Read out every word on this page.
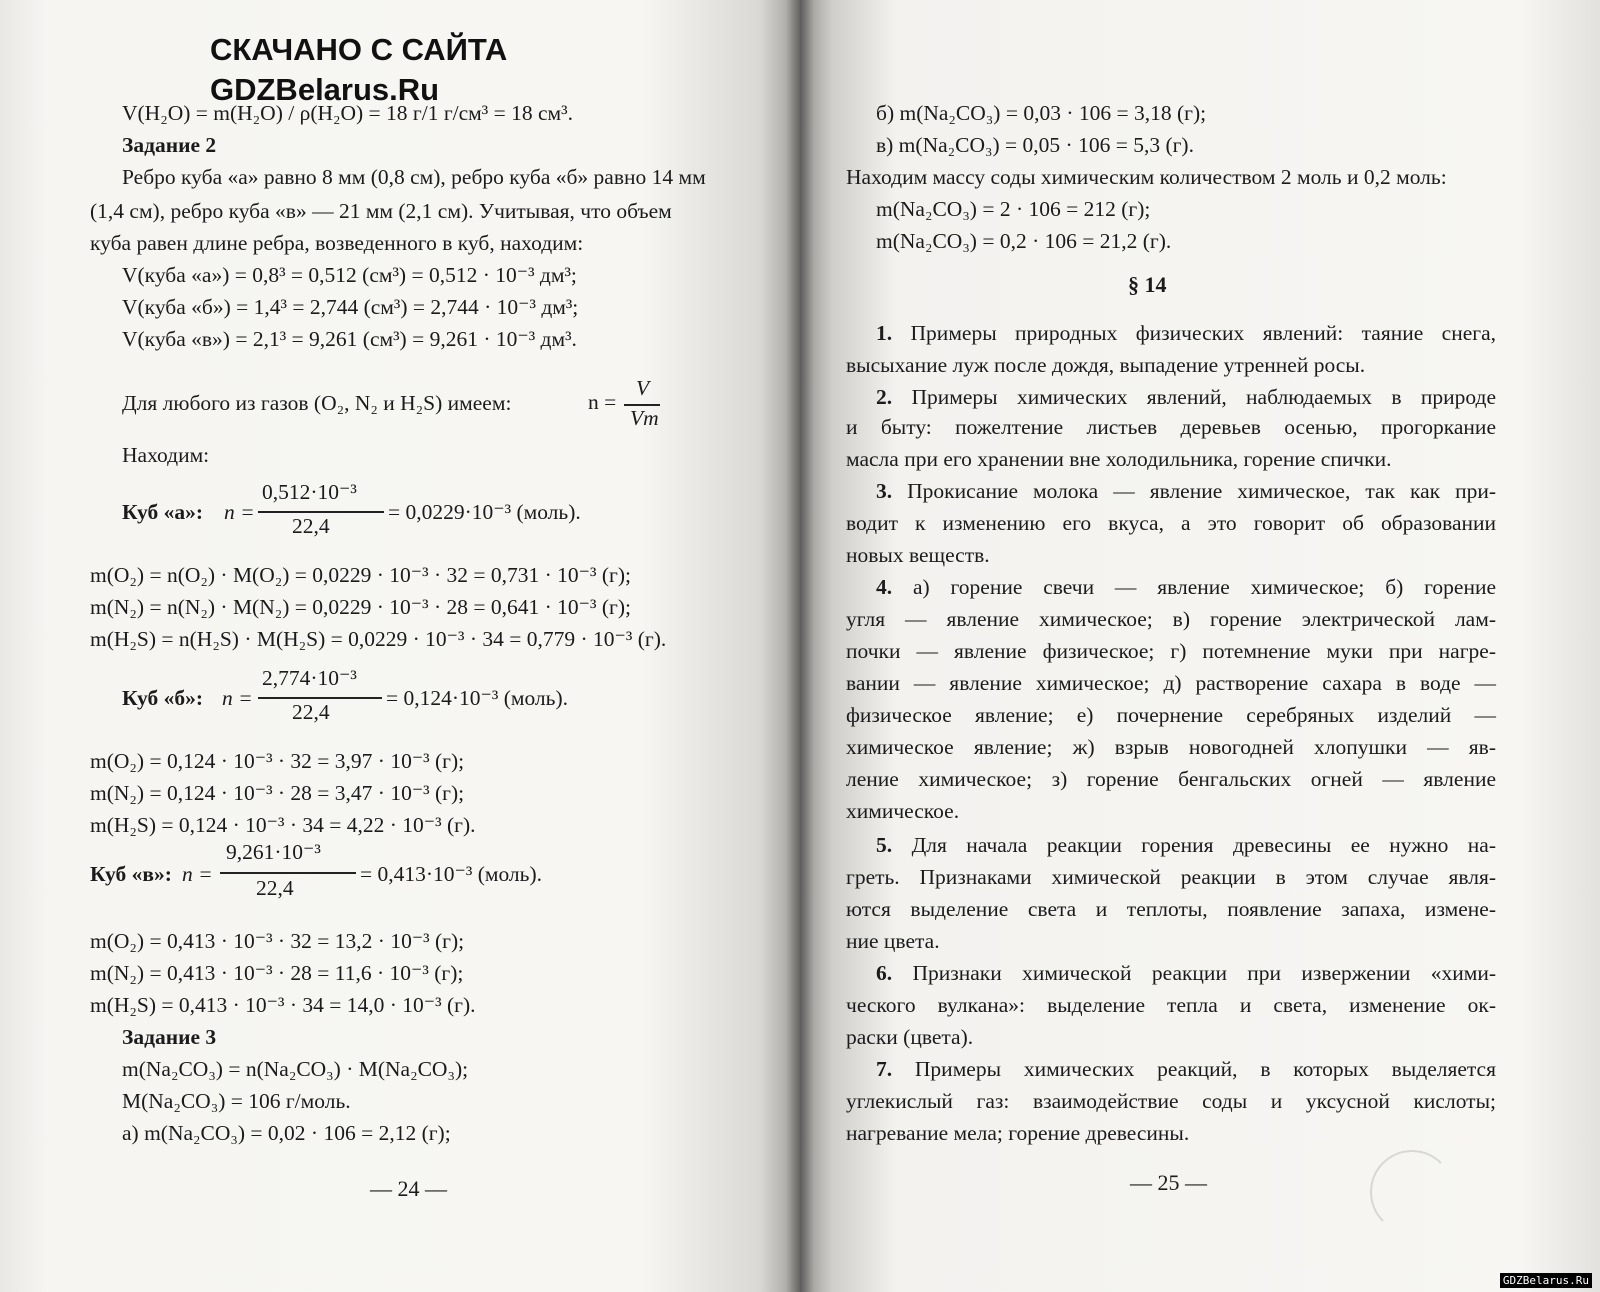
СКАЧАНО С САЙТА
GDZBelarus.Ru
V(H₂O) = m(H₂O) / ρ(H₂O) = 18 г/1 г/см³ = 18 см³.
Задание 2
Ребро куба «а» равно 8 мм (0,8 см), ребро куба «б» равно 14 мм
(1,4 см), ребро куба «в» — 21 мм (2,1 см). Учитывая, что объем
куба равен длине ребра, возведенного в куб, находим:
V(куба «а») = 0,8³ = 0,512 (см³) = 0,512 · 10⁻³ дм³;
V(куба «б») = 1,4³ = 2,744 (см³) = 2,744 · 10⁻³ дм³;
V(куба «в») = 2,1³ = 9,261 (см³) = 9,261 · 10⁻³ дм³.
Для любого из газов (O₂, N₂ и H₂S) имеем:	n =
V
Vm
Находим:
Куб «а»: n =
0,512·10⁻³
22,4
= 0,0229·10⁻³ (моль).
m(O₂) = n(O₂) · M(O₂) = 0,0229 · 10⁻³ · 32 = 0,731 · 10⁻³ (г);
m(N₂) = n(N₂) · M(N₂) = 0,0229 · 10⁻³ · 28 = 0,641 · 10⁻³ (г);
m(H₂S) = n(H₂S) · M(H₂S) = 0,0229 · 10⁻³ · 34 = 0,779 · 10⁻³ (г).
Куб «б»: n =
2,774·10⁻³
22,4
= 0,124·10⁻³ (моль).
m(O₂) = 0,124 · 10⁻³ · 32 = 3,97 · 10⁻³ (г);
m(N₂) = 0,124 · 10⁻³ · 28 = 3,47 · 10⁻³ (г);
m(H₂S) = 0,124 · 10⁻³ · 34 = 4,22 · 10⁻³ (г).
Куб «в»: n =
9,261·10⁻³
22,4
= 0,413·10⁻³ (моль).
m(O₂) = 0,413 · 10⁻³ · 32 = 13,2 · 10⁻³ (г);
m(N₂) = 0,413 · 10⁻³ · 28 = 11,6 · 10⁻³ (г);
m(H₂S) = 0,413 · 10⁻³ · 34 = 14,0 · 10⁻³ (г).
Задание 3
m(Na₂CO₃) = n(Na₂CO₃) · M(Na₂CO₃);
M(Na₂CO₃) = 106 г/моль.
а) m(Na₂CO₃) = 0,02 · 106 = 2,12 (г);
— 24 —
б) m(Na₂CO₃) = 0,03 · 106 = 3,18 (г);
в) m(Na₂CO₃) = 0,05 · 106 = 5,3 (г).
Находим массу соды химическим количеством 2 моль и 0,2 моль:
m(Na₂CO₃) = 2 · 106 = 212 (г);
m(Na₂CO₃) = 0,2 · 106 = 21,2 (г).
§ 14
1. Примеры природных физических явлений: таяние снега,
высыхание луж после дождя, выпадение утренней росы.
2. Примеры химических явлений, наблюдаемых в природе
и быту: пожелтение листьев деревьев осенью, прогоркание
масла при его хранении вне холодильника, горение спички.
3. Прокисание молока — явление химическое, так как при-
водит к изменению его вкуса, а это говорит об образовании
новых веществ.
4. а) горение свечи — явление химическое; б) горение
угля — явление химическое; в) горение электрической лам-
почки — явление физическое; г) потемнение муки при нагре-
вании — явление химическое; д) растворение сахара в воде —
физическое явление; е) почернение серебряных изделий —
химическое явление; ж) взрыв новогодней хлопушки — яв-
ление химическое; з) горение бенгальских огней — явление
химическое.
5. Для начала реакции горения древесины ее нужно на-
греть. Признаками химической реакции в этом случае явля-
ются выделение света и теплоты, появление запаха, измене-
ние цвета.
6. Признаки химической реакции при извержении «хими-
ческого вулкана»: выделение тепла и света, изменение ок-
раски (цвета).
7. Примеры химических реакций, в которых выделяется
углекислый газ: взаимодействие соды и уксусной кислоты;
нагревание мела; горение древесины.
— 25 —
GDZBelarus.Ru
